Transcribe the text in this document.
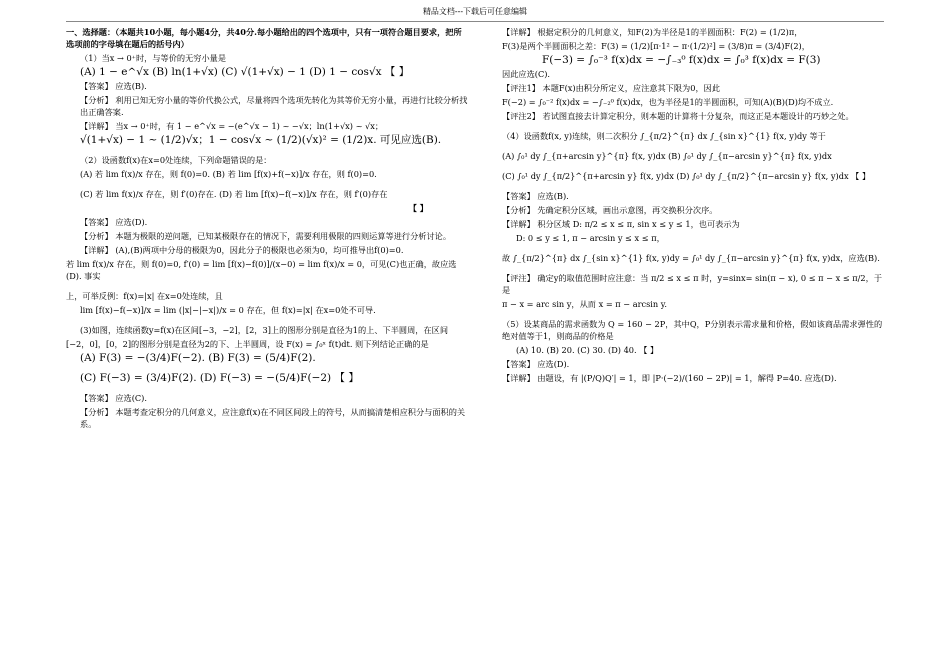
精品文档---下载后可任意编辑

一、选择题：（本题共10小题，每小题4分，共40分.每小题给出的四个选项中，只有一项符合题目要求，把所选项前的字母填在题后的括号内）

（1）当x → 0⁺时，与等价的无穷小量是

(A) 1 − e^√x (B) ln(1+√x) (C) √(1+√x) − 1 (D) 1 − cos√x 【 】

【答案】 应选(B).

【分析】 利用已知无穷小量的等价代换公式，尽量将四个选项先转化为其等价无穷小量，再进行比较分析找出正确答案.

【详解】 当x → 0⁺时，有 1 − e^√x = −(e^√x − 1) ~ −√x；ln(1+√x) ~ √x；

√(1+√x) − 1 ~ (1/2)√x；1 − cos√x ~ (1/2)(√x)² = (1/2)x. 可见应选(B).

（2）设函数f(x)在x=0处连续，下列命题错误的是：

(A) 若 lim f(x)/x 存在，则 f(0)=0. (B) 若 lim [f(x)+f(−x)]/x 存在，则 f(0)=0.

(C) 若 lim f(x)/x 存在，则 f′(0)存在. (D) 若 lim [f(x)−f(−x)]/x 存在，则 f′(0)存在

【 】

【答案】 应选(D).

【分析】 本题为极限的逆问题，已知某极限存在的情况下，需要利用极限的四则运算等进行分析讨论。

【详解】 (A),(B)两项中分母的极限为0，因此分子的极限也必须为0，均可推导出f(0)=0.

若 lim f(x)/x 存在，则 f(0)=0, f′(0) = lim [f(x)−f(0)]/(x−0) = lim f(x)/x = 0，可见(C)也正确，故应选(D). 事实

上，可举反例：f(x)=|x| 在x=0处连续，且

lim [f(x)−f(−x)]/x = lim (|x|−|−x|)/x = 0 存在，但 f(x)=|x| 在x=0处不可导.

(3)如图，连续函数y=f(x)在区间[−3，−2]，[2，3]上的图形分别是直径为1的上、下半圆周，在区间

[−2，0]，[0，2]的图形分别是直径为2的下、上半圆周，设 F(x) = ∫₀ˣ f(t)dt. 则下列结论正确的是

(A) F(3) = −(3/4)F(−2). (B) F(3) = (5/4)F(2).

(C) F(−3) = (3/4)F(2). (D) F(−3) = −(5/4)F(−2) 【 】

【答案】 应选(C).

【分析】 本题考查定积分的几何意义，应注意f(x)在不同区间段上的符号，从而搞清楚相应积分与面积的关系。

【详解】 根据定积分的几何意义，知F(2)为半径是1的半圆面积：F(2) = (1/2)π，

F(3)是两个半圆面积之差：F(3) = (1/2)[π·1² − π·(1/2)²] = (3/8)π = (3/4)F(2)，

F(−3) = ∫₀⁻³ f(x)dx = −∫₋₃⁰ f(x)dx = ∫₀³ f(x)dx = F(3)

因此应选(C).

【评注1】 本题F(x)由积分所定义，应注意其下限为0，因此

F(−2) = ∫₀⁻² f(x)dx = −∫₋₂⁰ f(x)dx，也为半径是1的半圆面积，可知(A)(B)(D)均不成立.

【评注2】 若试图直接去计算定积分，则本题的计算将十分复杂，而这正是本题设计的巧妙之处。

（4）设函数f(x, y)连续，则二次积分 ∫_{π/2}^{π} dx ∫_{sin x}^{1} f(x, y)dy 等于

(A) ∫₀¹ dy ∫_{π+arcsin y}^{π} f(x, y)dx (B) ∫₀¹ dy ∫_{π−arcsin y}^{π} f(x, y)dx

(C) ∫₀¹ dy ∫_{π/2}^{π+arcsin y} f(x, y)dx (D) ∫₀¹ dy ∫_{π/2}^{π−arcsin y} f(x, y)dx 【 】

【答案】 应选(B).

【分析】 先确定积分区域，画出示意图，再交换积分次序。

【详解】 积分区域 D: π/2 ≤ x ≤ π, sin x ≤ y ≤ 1，也可表示为

D: 0 ≤ y ≤ 1, π − arcsin y ≤ x ≤ π，

故 ∫_{π/2}^{π} dx ∫_{sin x}^{1} f(x, y)dy = ∫₀¹ dy ∫_{π−arcsin y}^{π} f(x, y)dx，应选(B).

【评注】 确定y的取值范围时应注意：当 π/2 ≤ x ≤ π 时，y=sinx= sin(π − x), 0 ≤ π − x ≤ π/2，于是

π − x = arc sin y，从而 x = π − arcsin y.

（5）设某商品的需求函数为 Q = 160 − 2P，其中Q，P分别表示需求量和价格，假如该商品需求弹性的绝对值等于1，则商品的价格是

(A) 10. (B) 20. (C) 30. (D) 40. 【 】

【答案】 应选(D).

【详解】 由题设，有 |(P/Q)Q′| = 1，即 |P·(−2)/(160 − 2P)| = 1，解得 P=40. 应选(D).
